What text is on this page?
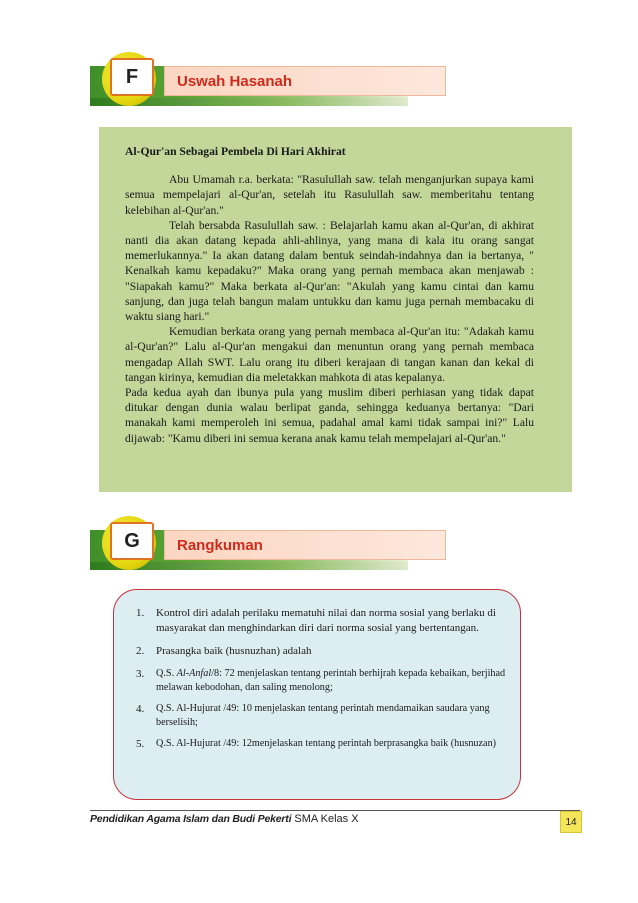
F	Uswah Hasanah
Al-Qur'an Sebagai Pembela Di Hari Akhirat

Abu Umamah r.a. berkata: "Rasulullah saw. telah menganjurkan supaya kami semua mempelajari al-Qur'an, setelah itu Rasulullah saw. memberitahu tentang kelebihan al-Qur'an."

Telah bersabda Rasulullah saw. : Belajarlah kamu akan al-Qur'an, di akhirat nanti dia akan datang kepada ahli-ahlinya, yang mana di kala itu orang sangat memerlukannya." Ia akan datang dalam bentuk seindah-indahnya dan ia bertanya, " Kenalkah kamu kepadaku?" Maka orang yang pernah membaca akan menjawab : "Siapakah kamu?" Maka berkata al-Qur'an: "Akulah yang kamu cintai dan kamu sanjung, dan juga telah bangun malam untukku dan kamu juga pernah membacaku di waktu siang hari."

Kemudian berkata orang yang pernah membaca al-Qur'an itu: "Adakah kamu al-Qur'an?" Lalu al-Qur'an mengakui dan menuntun orang yang pernah membaca mengadap Allah SWT. Lalu orang itu diberi kerajaan di tangan kanan dan kekal di tangan kirinya, kemudian dia meletakkan mahkota di atas kepalanya.

Pada kedua ayah dan ibunya pula yang muslim diberi perhiasan yang tidak dapat ditukar dengan dunia walau berlipat ganda, sehingga keduanya bertanya: "Dari manakah kami memperoleh ini semua, padahal amal kami tidak sampai ini?" Lalu dijawab: "Kamu diberi ini semua kerana anak kamu telah mempelajari al-Qur'an."

G	Rangkuman
1.	Kontrol diri adalah perilaku mematuhi nilai dan norma sosial yang berlaku di masyarakat dan menghindarkan diri dari norma sosial yang bertentangan.
2.	Prasangka baik (husnuzhan) adalah
3.	Q.S. Al-Anfal/8: 72 menjelaskan tentang perintah berhijrah kepada kebaikan, berjihad melawan kebodohan, dan saling menolong;
4.	Q.S. Al-Hujurat /49: 10 menjelaskan tentang perintah mendamaikan saudara yang berselisih;
5.	Q.S. Al-Hujurat /49: 12menjelaskan tentang perintah berprasangka baik (husnuzan)
Pendidikan Agama Islam dan Budi Pekerti SMA Kelas X	14
